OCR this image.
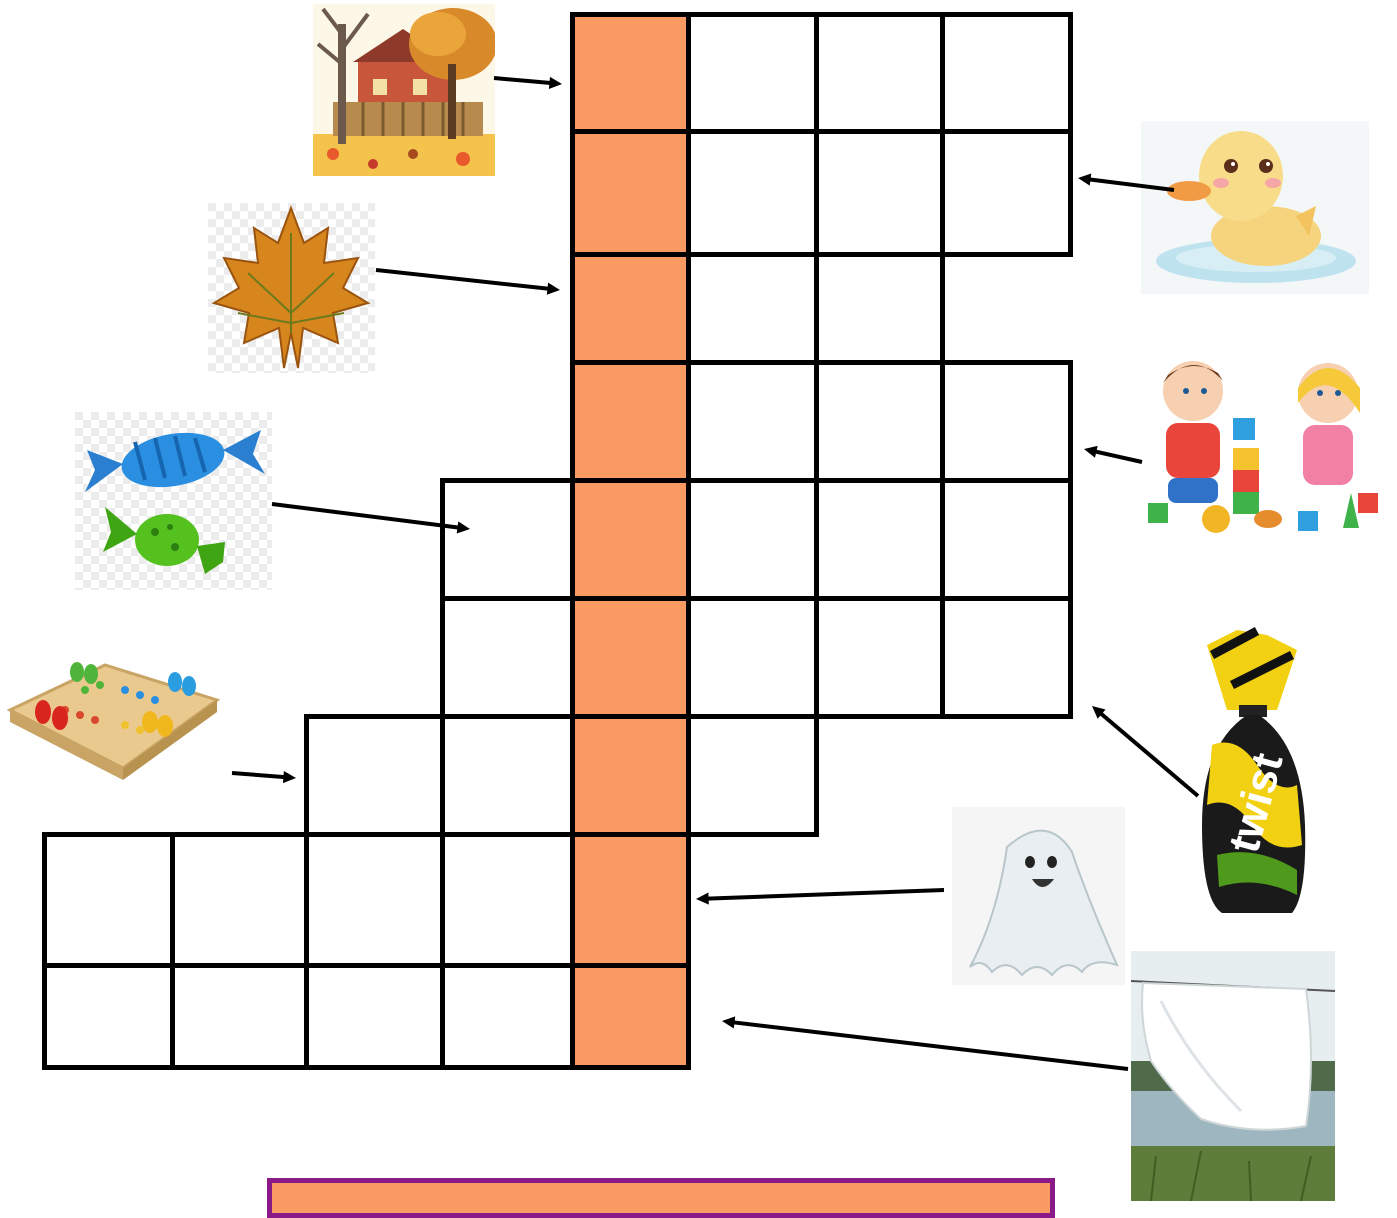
twist
